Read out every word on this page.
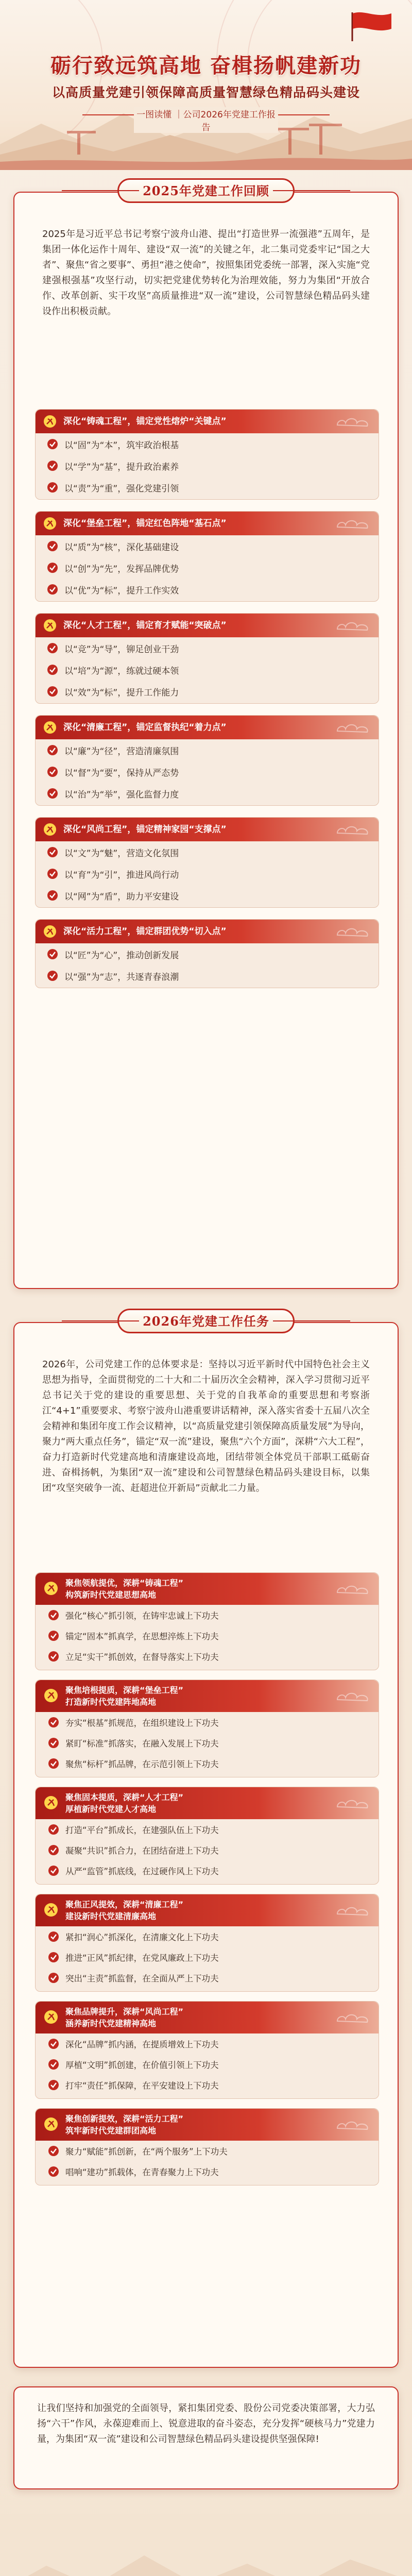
砺行致远筑高地 奋楫扬帆建新功
以高质量党建引领保障高质量智慧绿色精品码头建设
一图读懂 ｜公司2026年党建工作报告
2025年是习近平总书记考察宁波舟山港、提出“打造世界一流强港”五周年，是集团一体化运作十周年、建设“双一流”的关键之年，北二集司党委牢记“国之大者”、聚焦“省之要事”、勇担“港之使命”，按照集团党委统一部署，深入实施“党建强根强基”攻坚行动，切实把党建优势转化为治理效能，努力为集团“开放合作、改革创新、实干攻坚”高质量推进“双一流”建设，公司智慧绿色精品码头建设作出积极贡献。
深化“铸魂工程”，锚定党性熔炉“关键点”
以“固”为“本”，筑牢政治根基
以“学”为“基”，提升政治素养
以“责”为“重”，强化党建引领
深化“堡垒工程”，锚定红色阵地“基石点”
以“质”为“核”，深化基础建设
以“创”为“先”，发挥品牌优势
以“优”为“标”，提升工作实效
深化“人才工程”，锚定育才赋能“突破点”
以“竞”为“导”，铆足创业干劲
以“培”为“源”，练就过硬本领
以“效”为“标”，提升工作能力
深化“清廉工程”，锚定监督执纪“着力点”
以“廉”为“径”，营造清廉氛围
以“督”为“要”，保持从严态势
以“治”为“举”，强化监督力度
深化“风尚工程”，锚定精神家园“支撑点”
以“文”为“魅”，营造文化氛围
以“育”为“引”，推进风尚行动
以“网”为“盾”，助力平安建设
深化“活力工程”，锚定群团优势“切入点”
以“匠”为“心”，推动创新发展
以“强”为“志”，共逐青春浪潮
2025年党建工作回顾
2026年，公司党建工作的总体要求是：坚持以习近平新时代中国特色社会主义思想为指导，全面贯彻党的二十大和二十届历次全会精神，深入学习贯彻习近平总书记关于党的建设的重要思想、关于党的自我革命的重要思想和考察浙江“4+1”重要要求、考察宁波舟山港重要讲话精神，深入落实省委十五届八次全会精神和集团年度工作会议精神，以“高质量党建引领保障高质量发展”为导向，聚力“两大重点任务”，锚定“双一流”建设，聚焦“六个方面”，深耕“六大工程”，奋力打造新时代党建高地和清廉建设高地，团结带领全体党员干部职工砥砺奋进、奋楫扬帆，为集团“双一流”建设和公司智慧绿色精品码头建设目标，以集团“攻坚突破争一流、赶超进位开新局”贡献北二力量。
聚焦领航提优，深耕“铸魂工程”
构筑新时代党建思想高地
强化“核心”抓引领，在铸牢忠诚上下功夫
锚定“固本”抓真学，在思想淬炼上下功夫
立足“实干”抓创效，在督导落实上下功夫
聚焦培根提质，深耕“堡垒工程”
打造新时代党建阵地高地
夯实“根基”抓规范，在组织建设上下功夫
紧盯“标准”抓落实，在融入发展上下功夫
聚焦“标杆”抓品牌，在示范引领上下功夫
聚焦固本提质，深耕“人才工程”
厚植新时代党建人才高地
打造“平台”抓成长，在建强队伍上下功夫
凝聚“共识”抓合力，在团结奋进上下功夫
从严“监管”抓底线，在过硬作风上下功夫
聚焦正风提效，深耕“清廉工程”
建设新时代党建清廉高地
紧扣“润心”抓深化，在清廉文化上下功夫
推进“正风”抓纪律，在党风廉政上下功夫
突出“主责”抓监督，在全面从严上下功夫
聚焦品牌提升，深耕“风尚工程”
涵养新时代党建精神高地
深化“品牌”抓内涵，在提质增效上下功夫
厚植“文明”抓创建，在价值引领上下功夫
打牢“责任”抓保障，在平安建设上下功夫
聚焦创新提效，深耕“活力工程”
筑牢新时代党建群团高地
聚力“赋能”抓创新，在“两个服务”上下功夫
唱响“建功”抓载体，在青春聚力上下功夫
2026年党建工作任务
让我们坚持和加强党的全面领导，紧扣集团党委、股份公司党委决策部署，大力弘扬“六干”作风，永葆迎难而上、锐意进取的奋斗姿态，充分发挥“硬核马力”党建力量，为集团“双一流”建设和公司智慧绿色精品码头建设提供坚强保障!
